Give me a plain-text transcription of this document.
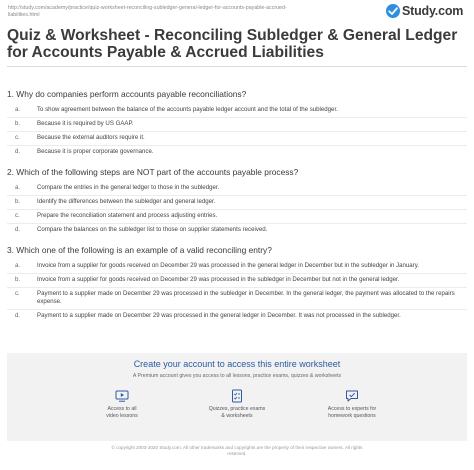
http://study.com/academy/practice/quiz-worksheet-reconciling-subledger-general-ledger-for-accounts-payable-accrued-liabilities.html	Study.com
Quiz & Worksheet - Reconciling Subledger & General Ledger for Accounts Payable & Accrued Liabilities

1. Why do companies perform accounts payable reconciliations?

a.	To show agreement between the balance of the accounts payable ledger account and the total of the subledger.
b.	Because it is required by US GAAP.
c.	Because the external auditors require it.
d.	Because it is proper corporate governance.

2. Which of the following steps are NOT part of the accounts payable process?

a.	Compare the entries in the general ledger to those in the subledger.
b.	Identify the differences between the subledger and general ledger.
c.	Prepare the reconciliation statement and process adjusting entries.
d.	Compare the balances on the subledger list to those on supplier statements received.

3. Which one of the following is an example of a valid reconciling entry?

a.	Invoice from a supplier for goods received on December 29 was processed in the general ledger in December but in the subledger in January.
b.	Invoice from a supplier for goods received on December 29 was processed in the subledger in December but not in the general ledger.
c.	Payment to a supplier made on December 29 was processed in the subledger in December. In the general ledger, the payment was allocated to the repairs expense.
d.	Payment to a supplier made on December 29 was processed in the general ledger in December. It was not processed in the subledger.

Create your account to access this entire worksheet

A Premium account gives you access to all lessons, practice exams, quizzes & worksheets

Access to all
video lessons
Quizzes, practice exams
& worksheets
Access to experts for
homework questions
© copyright 2003-2020 Study.com. All other trademarks and copyrights are the property of their respective owners. All rights
reserved.
